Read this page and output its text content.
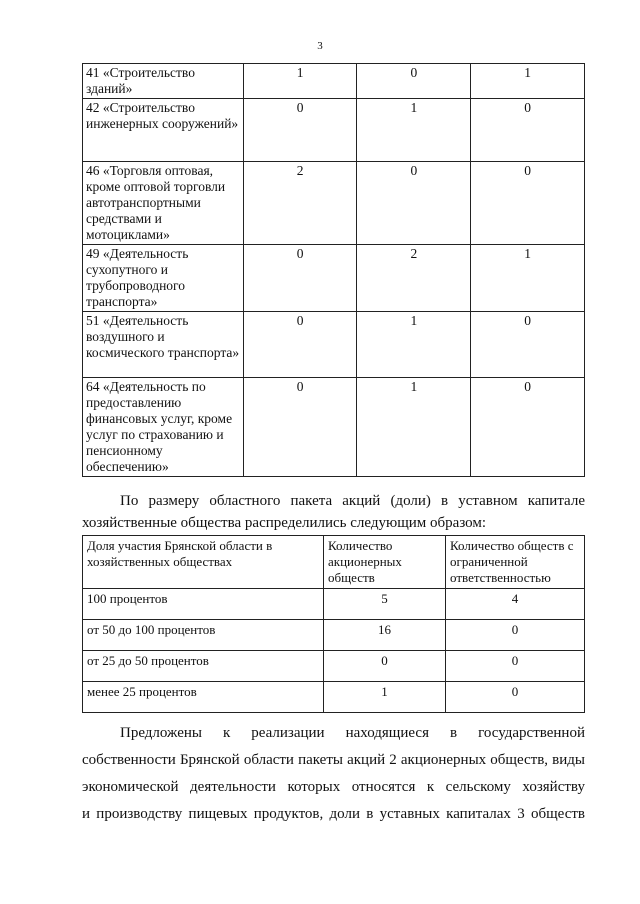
3
41 «Строительство зданий»	1	0	1
42 «Строительство инженерных сооружений»	0	1	0
46 «Торговля оптовая, кроме оптовой торговли автотранспортными средствами и мотоциклами»	2	0	0
49 «Деятельность сухопутного и трубопроводного транспорта»	0	2	1
51 «Деятельность воздушного и космического транспорта»	0	1	0
64 «Деятельность по предоставлению финансовых услуг, кроме услуг по страхованию и пенсионному обеспечению»	0	1	0
По размеру областного пакета акций (доли) в уставном капитале
хозяйственные общества распределились следующим образом:
Доля участия Брянской области в хозяйственных обществах	Количество акционерных обществ	Количество обществ с ограниченной ответственностью
100 процентов	5	4
от 50 до 100 процентов	16	0
от 25 до 50 процентов	0	0
менее 25 процентов	1	0
Предложены к реализации находящиеся в государственной
собственности Брянской области пакеты акций 2 акционерных обществ, виды
экономической деятельности которых относятся к сельскому хозяйству
и производству пищевых продуктов, доли в уставных капиталах 3 обществ
